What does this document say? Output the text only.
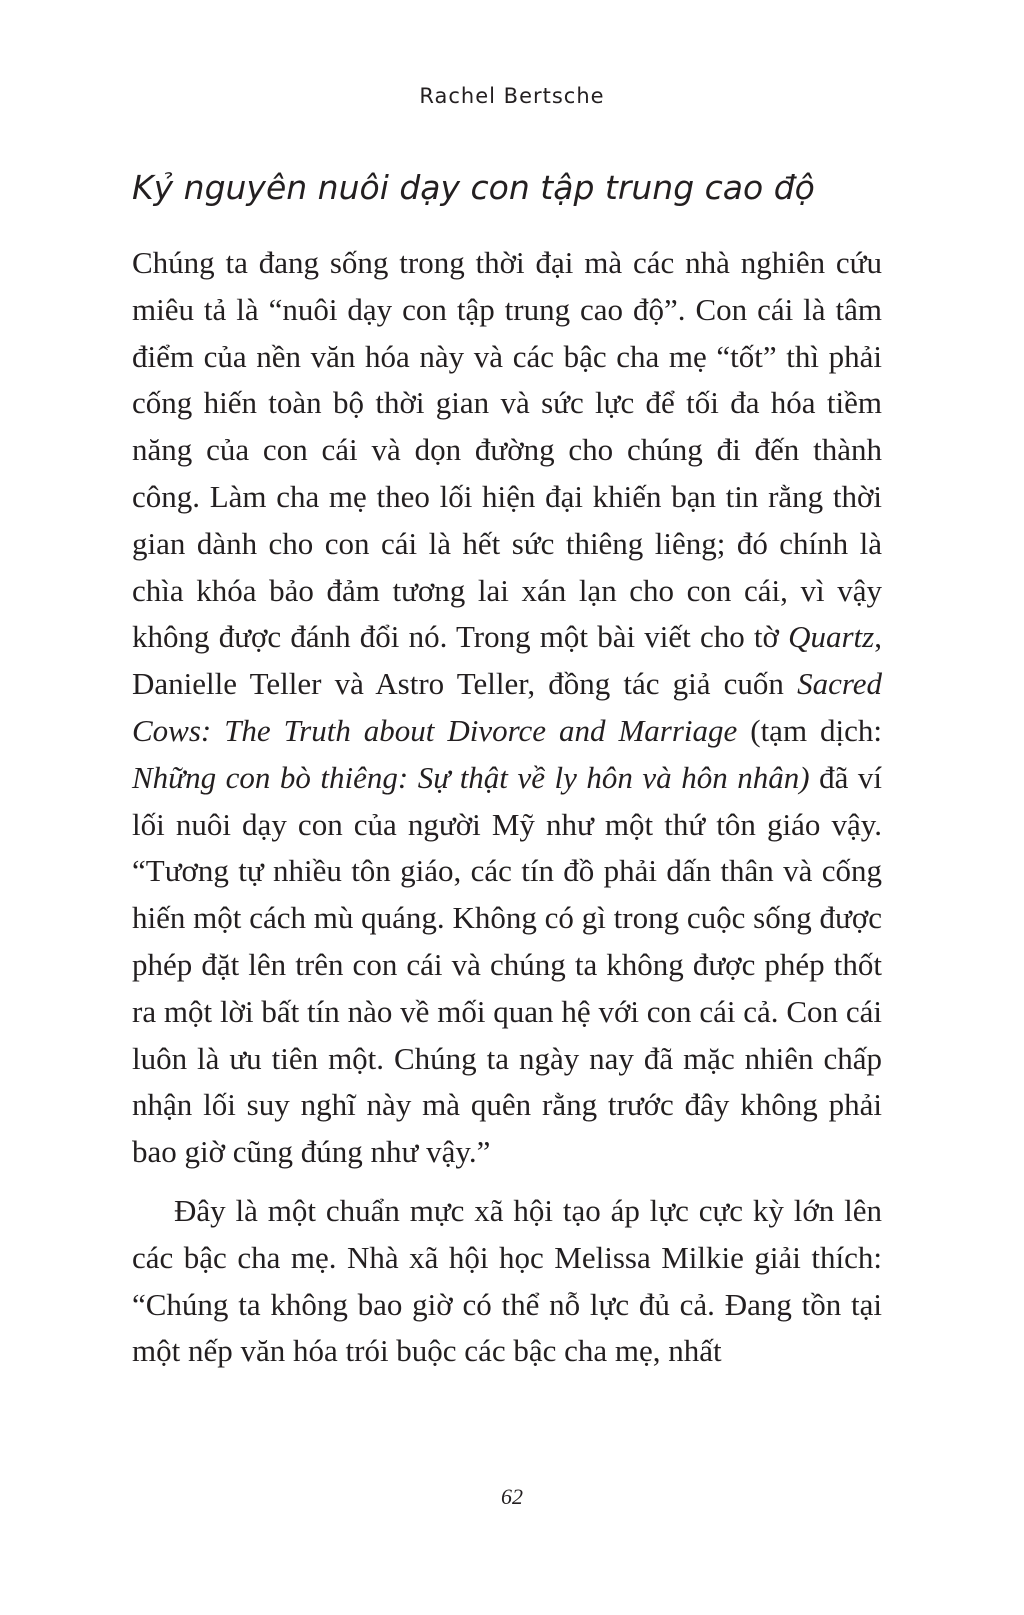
Rachel Bertsche
Kỷ nguyên nuôi dạy con tập trung cao độ

Chúng ta đang sống trong thời đại mà các nhà nghiên cứu miêu tả là “nuôi dạy con tập trung cao độ”. Con cái là tâm điểm của nền văn hóa này và các bậc cha mẹ “tốt” thì phải cống hiến toàn bộ thời gian và sức lực để tối đa hóa tiềm năng của con cái và dọn đường cho chúng đi đến thành công. Làm cha mẹ theo lối hiện đại khiến bạn tin rằng thời gian dành cho con cái là hết sức thiêng liêng; đó chính là chìa khóa bảo đảm tương lai xán lạn cho con cái, vì vậy không được đánh đổi nó. Trong một bài viết cho tờ Quartz, Danielle Teller và Astro Teller, đồng tác giả cuốn Sacred Cows: The Truth about Divorce and Marriage (tạm dịch: Những con bò thiêng: Sự thật về ly hôn và hôn nhân) đã ví lối nuôi dạy con của người Mỹ như một thứ tôn giáo vậy. “Tương tự nhiều tôn giáo, các tín đồ phải dấn thân và cống hiến một cách mù quáng. Không có gì trong cuộc sống được phép đặt lên trên con cái và chúng ta không được phép thốt ra một lời bất tín nào về mối quan hệ với con cái cả. Con cái luôn là ưu tiên một. Chúng ta ngày nay đã mặc nhiên chấp nhận lối suy nghĩ này mà quên rằng trước đây không phải bao giờ cũng đúng như vậy.”

Đây là một chuẩn mực xã hội tạo áp lực cực kỳ lớn lên các bậc cha mẹ. Nhà xã hội học Melissa Milkie giải thích: “Chúng ta không bao giờ có thể nỗ lực đủ cả. Đang tồn tại một nếp văn hóa trói buộc các bậc cha mẹ, nhất

62
